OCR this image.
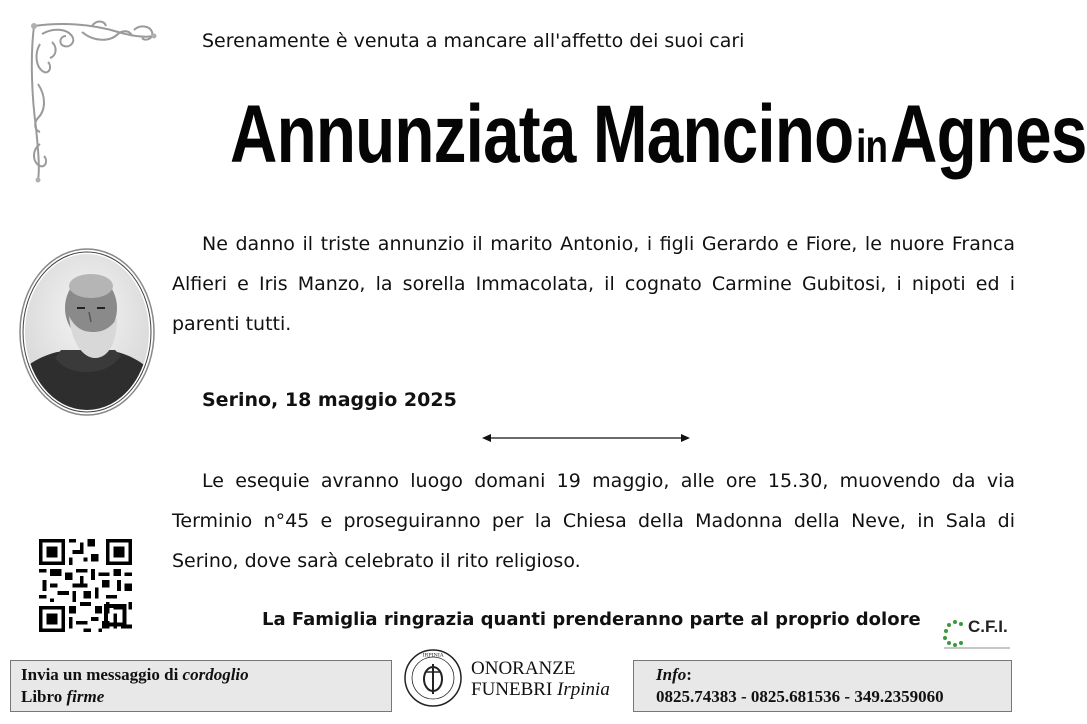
Serenamente è venuta a mancare all'affetto dei suoi cari
Annunziata Mancino in Agnes
Ne danno il triste annunzio il marito Antonio, i figli Gerardo e Fiore, le nuore Franca Alfieri e Iris Manzo, la sorella Immacolata, il cognato Carmine Gubitosi, i nipoti ed i parenti tutti.
Serino, 18 maggio 2025
Le esequie avranno luogo domani 19 maggio, alle ore 15.30, muovendo da via Terminio n°45 e proseguiranno per la Chiesa della Madonna della Neve, in Sala di Serino, dove sarà celebrato il rito religioso.
La Famiglia ringrazia quanti prenderanno parte al proprio dolore	C.F.I.
Invia un messaggio di cordoglio
Libro firme
IRPINIA
ONORANZE
FUNEBRI Irpinia
Info:
0825.74383 - 0825.681536 - 349.2359060
